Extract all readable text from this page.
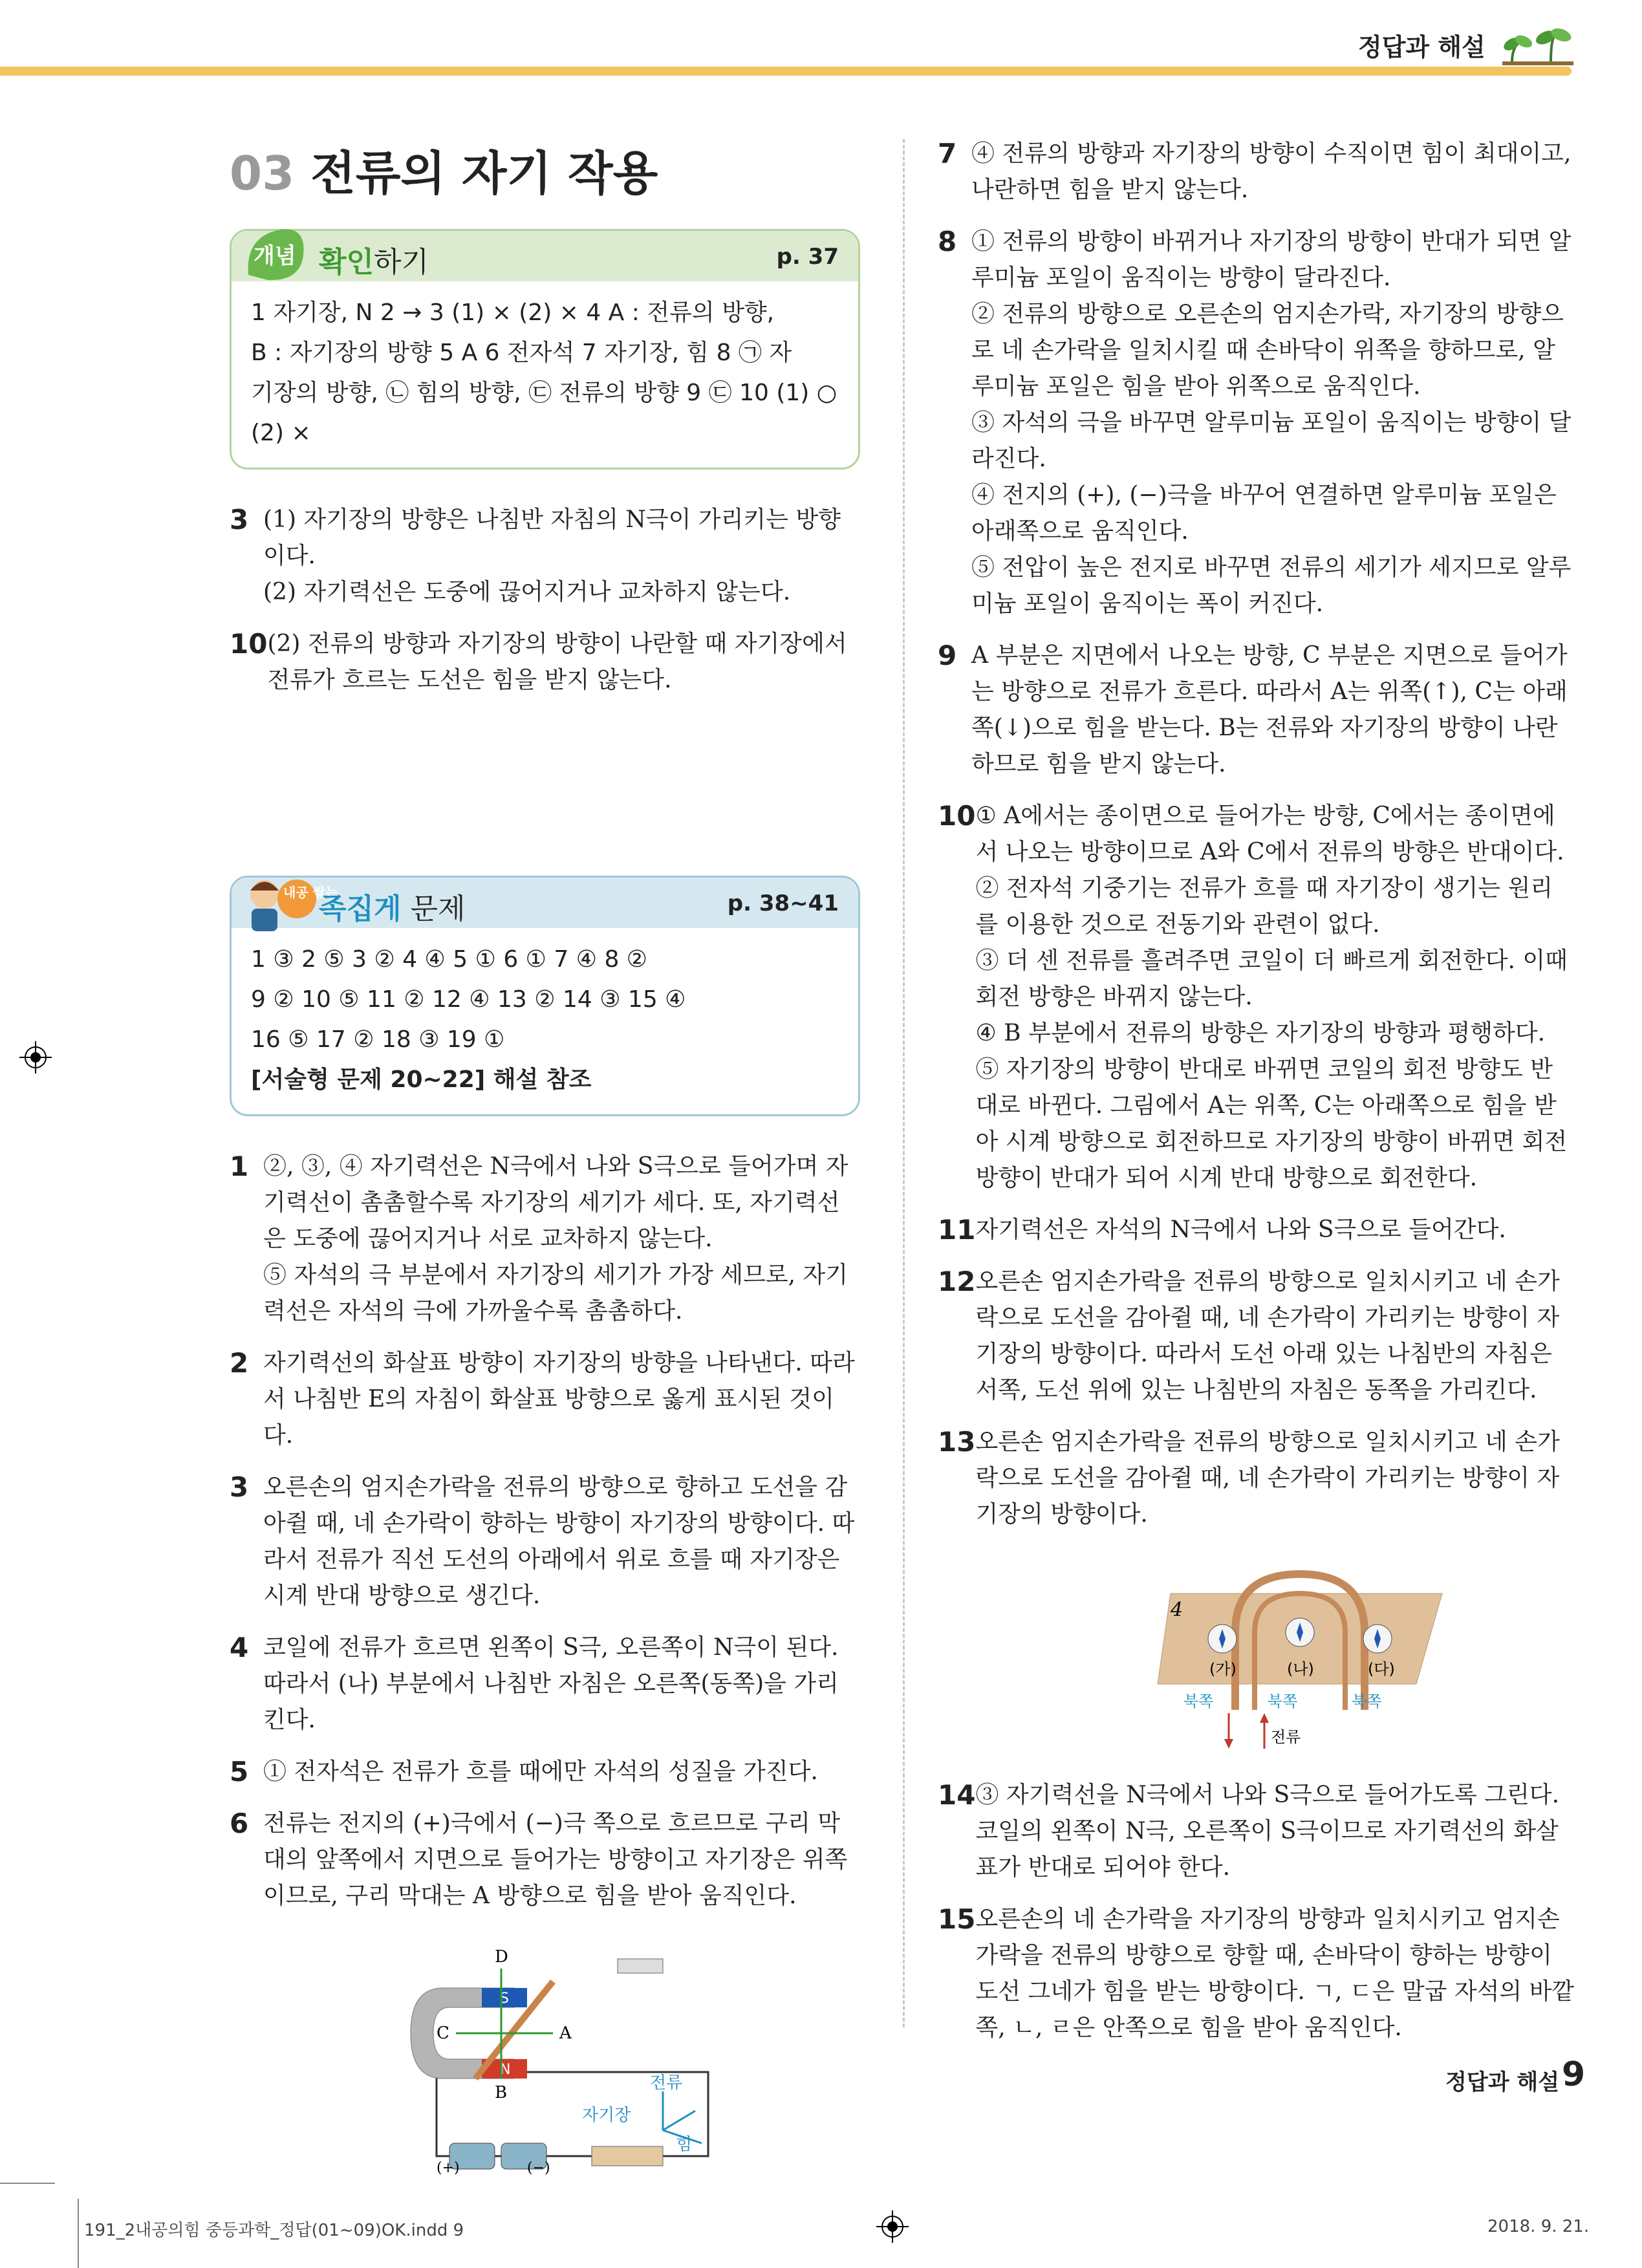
정답과 해설
03 전류의 자기 작용
개념 확인하기	p. 37
1 자기장, N 2 → 3 (1) × (2) × 4 A : 전류의 방향,
B : 자기장의 방향 5 A 6 전자석 7 자기장, 힘 8 ㉠ 자
기장의 방향, ㉡ 힘의 방향, ㉢ 전류의 방향 9 ㉢ 10 (1) ○
(2) ×
3 (1) 자기장의 방향은 나침반 자침의 N극이 가리키는 방향이다.

(2) 자기력선은 도중에 끊어지거나 교차하지 않는다.

10 (2) 전류의 방향과 자기장의 방향이 나란할 때 자기장에서 전류가 흐르는 도선은 힘을 받지 않는다.

내공 쌓는
족집게 문제	p. 38~41
1 ③ 2 ⑤ 3 ② 4 ④ 5 ① 6 ① 7 ④ 8 ②
9 ② 10 ⑤ 11 ② 12 ④ 13 ② 14 ③ 15 ④
16 ⑤ 17 ② 18 ③ 19 ①
[서술형 문제 20~22] 해설 참조
1 ②, ③, ④ 자기력선은 N극에서 나와 S극으로 들어가며 자기력선이 촘촘할수록 자기장의 세기가 세다. 또, 자기력선은 도중에 끊어지거나 서로 교차하지 않는다.

⑤ 자석의 극 부분에서 자기장의 세기가 가장 세므로, 자기력선은 자석의 극에 가까울수록 촘촘하다.

2 자기력선의 화살표 방향이 자기장의 방향을 나타낸다. 따라서 나침반 E의 자침이 화살표 방향으로 옳게 표시된 것이다.

3 오른손의 엄지손가락을 전류의 방향으로 향하고 도선을 감아쥘 때, 네 손가락이 향하는 방향이 자기장의 방향이다. 따라서 전류가 직선 도선의 아래에서 위로 흐를 때 자기장은 시계 반대 방향으로 생긴다.

4 코일에 전류가 흐르면 왼쪽이 S극, 오른쪽이 N극이 된다. 따라서 (나) 부분에서 나침반 자침은 오른쪽(동쪽)을 가리킨다.

5 ① 전자석은 전류가 흐를 때에만 자석의 성질을 가진다.

6 전류는 전지의 (+)극에서 (−)극 쪽으로 흐르므로 구리 막대의 앞쪽에서 지면으로 들어가는 방향이고 자기장은 위쪽이므로, 구리 막대는 A 방향으로 힘을 받아 움직인다.

S
N
D
C	A
B	전류
자기장
힘
(+)	(−)
7 ④ 전류의 방향과 자기장의 방향이 수직이면 힘이 최대이고, 나란하면 힘을 받지 않는다.

8 ① 전류의 방향이 바뀌거나 자기장의 방향이 반대가 되면 알루미늄 포일이 움직이는 방향이 달라진다.

② 전류의 방향으로 오른손의 엄지손가락, 자기장의 방향으로 네 손가락을 일치시킬 때 손바닥이 위쪽을 향하므로, 알루미늄 포일은 힘을 받아 위쪽으로 움직인다.

③ 자석의 극을 바꾸면 알루미늄 포일이 움직이는 방향이 달라진다.

④ 전지의 (+), (−)극을 바꾸어 연결하면 알루미늄 포일은 아래쪽으로 움직인다.

⑤ 전압이 높은 전지로 바꾸면 전류의 세기가 세지므로 알루미늄 포일이 움직이는 폭이 커진다.

9 A 부분은 지면에서 나오는 방향, C 부분은 지면으로 들어가는 방향으로 전류가 흐른다. 따라서 A는 위쪽(↑), C는 아래쪽(↓)으로 힘을 받는다. B는 전류와 자기장의 방향이 나란하므로 힘을 받지 않는다.

10 ① A에서는 종이면으로 들어가는 방향, C에서는 종이면에서 나오는 방향이므로 A와 C에서 전류의 방향은 반대이다.

② 전자석 기중기는 전류가 흐를 때 자기장이 생기는 원리를 이용한 것으로 전동기와 관련이 없다.

③ 더 센 전류를 흘려주면 코일이 더 빠르게 회전한다. 이때 회전 방향은 바뀌지 않는다.

④ B 부분에서 전류의 방향은 자기장의 방향과 평행하다.

⑤ 자기장의 방향이 반대로 바뀌면 코일의 회전 방향도 반대로 바뀐다. 그림에서 A는 위쪽, C는 아래쪽으로 힘을 받아 시계 방향으로 회전하므로 자기장의 방향이 바뀌면 회전 방향이 반대가 되어 시계 반대 방향으로 회전한다.

11 자기력선은 자석의 N극에서 나와 S극으로 들어간다.

12 오른손 엄지손가락을 전류의 방향으로 일치시키고 네 손가락으로 도선을 감아쥘 때, 네 손가락이 가리키는 방향이 자기장의 방향이다. 따라서 도선 아래 있는 나침반의 자침은 서쪽, 도선 위에 있는 나침반의 자침은 동쪽을 가리킨다.

13 오른손 엄지손가락을 전류의 방향으로 일치시키고 네 손가락으로 도선을 감아쥘 때, 네 손가락이 가리키는 방향이 자기장의 방향이다.

4
(가)	(나)	(다)
북쪽	북쪽	북쪽
전류
14 ③ 자기력선을 N극에서 나와 S극으로 들어가도록 그린다. 코일의 왼쪽이 N극, 오른쪽이 S극이므로 자기력선의 화살표가 반대로 되어야 한다.

15 오른손의 네 손가락을 자기장의 방향과 일치시키고 엄지손가락을 전류의 방향으로 향할 때, 손바닥이 향하는 방향이 도선 그네가 힘을 받는 방향이다. ㄱ, ㄷ은 말굽 자석의 바깥쪽, ㄴ, ㄹ은 안쪽으로 힘을 받아 움직인다.

정답과 해설 9
191_2내공의힘 중등과학_정답(01~09)OK.indd 9	2018. 9. 21.
